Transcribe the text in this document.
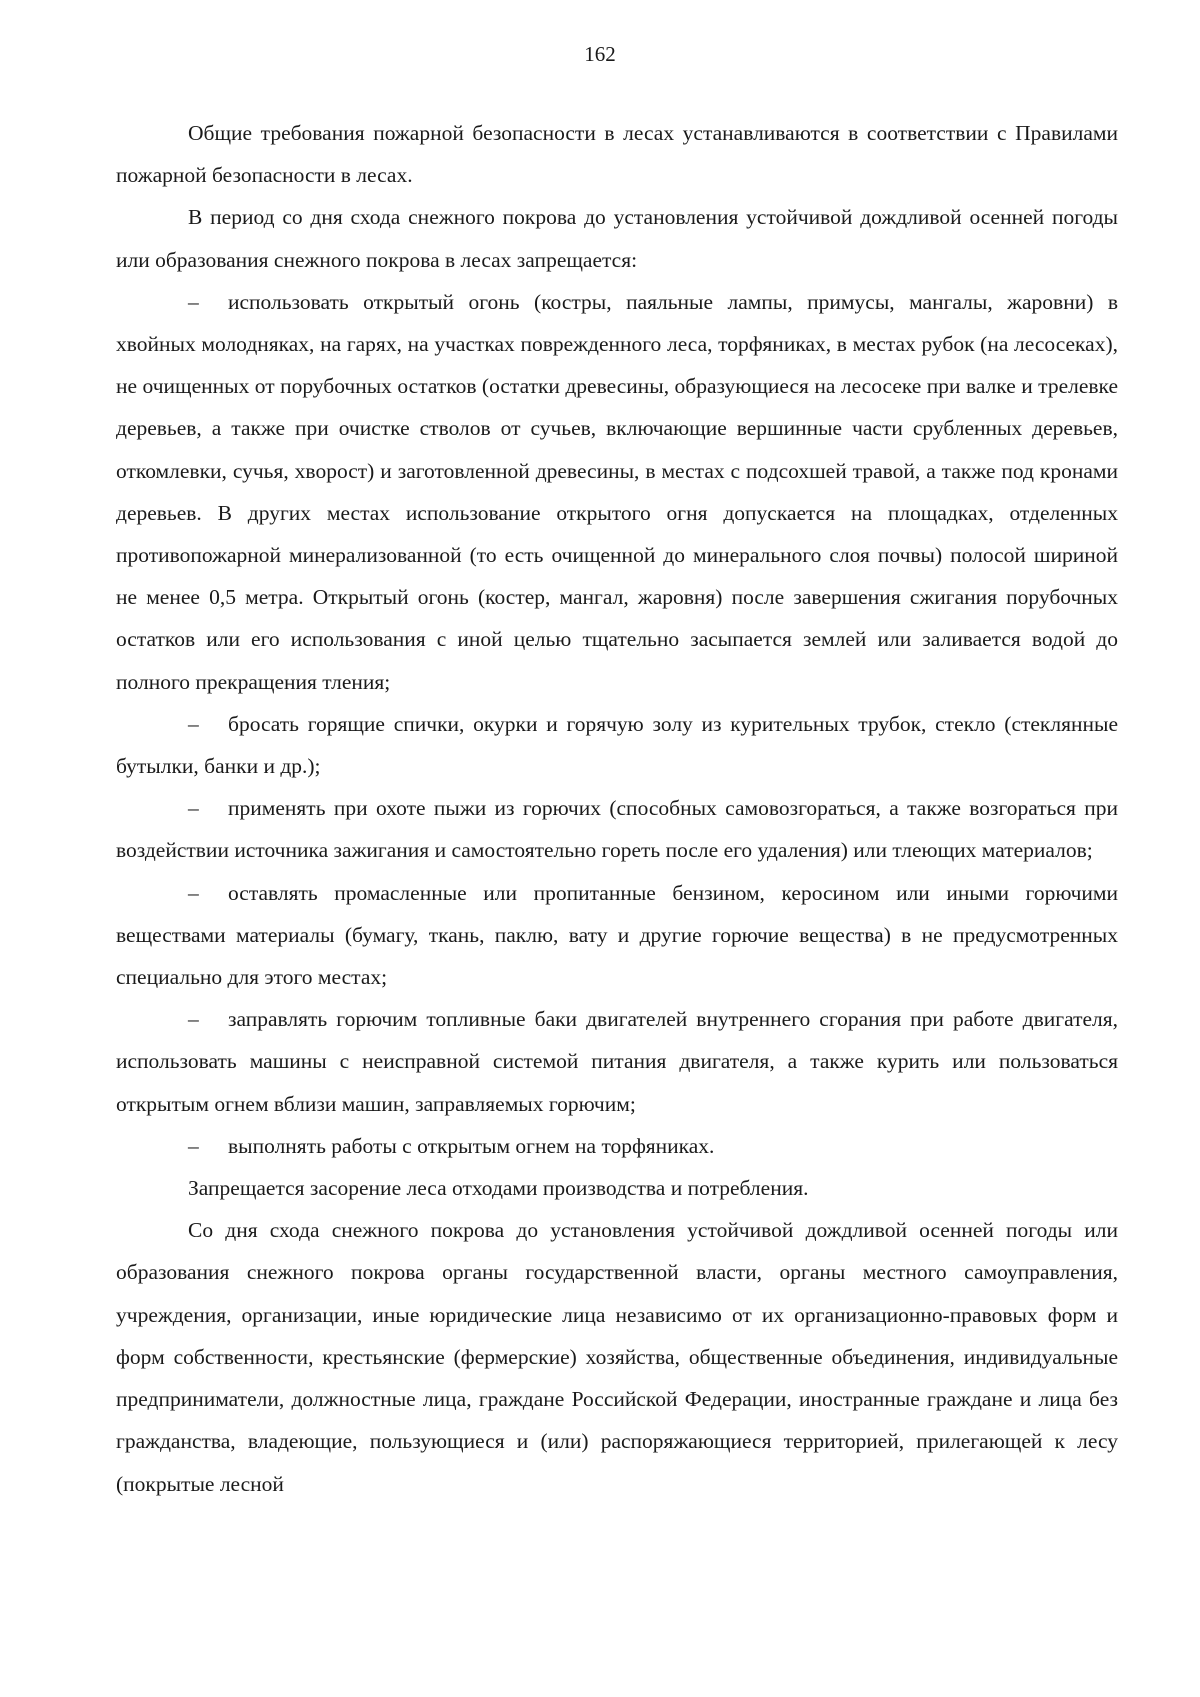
162

Общие требования пожарной безопасности в лесах устанавливаются в соответствии с Правилами пожарной безопасности в лесах.

В период со дня схода снежного покрова до установления устойчивой дождливой осенней погоды или образования снежного покрова в лесах запрещается:

– использовать открытый огонь (костры, паяльные лампы, примусы, мангалы, жаровни) в хвойных молодняках, на гарях, на участках поврежденного леса, торфяниках, в местах рубок (на лесосеках), не очищенных от порубочных остатков (остатки древесины, образующиеся на лесосеке при валке и трелевке деревьев, а также при очистке стволов от сучьев, включающие вершинные части срубленных деревьев, откомлевки, сучья, хворост) и заготовленной древесины, в местах с подсохшей травой, а также под кронами деревьев. В других местах использование открытого огня допускается на площадках, отделенных противопожарной минерализованной (то есть очищенной до минерального слоя почвы) полосой шириной не менее 0,5 метра. Открытый огонь (костер, мангал, жаровня) после завершения сжигания порубочных остатков или его использования с иной целью тщательно засыпается землей или заливается водой до полного прекращения тления;

– бросать горящие спички, окурки и горячую золу из курительных трубок, стекло (стеклянные бутылки, банки и др.);

– применять при охоте пыжи из горючих (способных самовозгораться, а также возгораться при воздействии источника зажигания и самостоятельно гореть после его удаления) или тлеющих материалов;

– оставлять промасленные или пропитанные бензином, керосином или иными горючими веществами материалы (бумагу, ткань, паклю, вату и другие горючие вещества) в не предусмотренных специально для этого местах;

– заправлять горючим топливные баки двигателей внутреннего сгорания при работе двигателя, использовать машины с неисправной системой питания двигателя, а также курить или пользоваться открытым огнем вблизи машин, заправляемых горючим;

– выполнять работы с открытым огнем на торфяниках.

Запрещается засорение леса отходами производства и потребления.

Со дня схода снежного покрова до установления устойчивой дождливой осенней погоды или образования снежного покрова органы государственной власти, органы местного самоуправления, учреждения, организации, иные юридические лица независимо от их организационно-правовых форм и форм собственности, крестьянские (фермерские) хозяйства, общественные объединения, индивидуальные предприниматели, должностные лица, граждане Российской Федерации, иностранные граждане и лица без гражданства, владеющие, пользующиеся и (или) распоряжающиеся территорией, прилегающей к лесу (покрытые лесной
